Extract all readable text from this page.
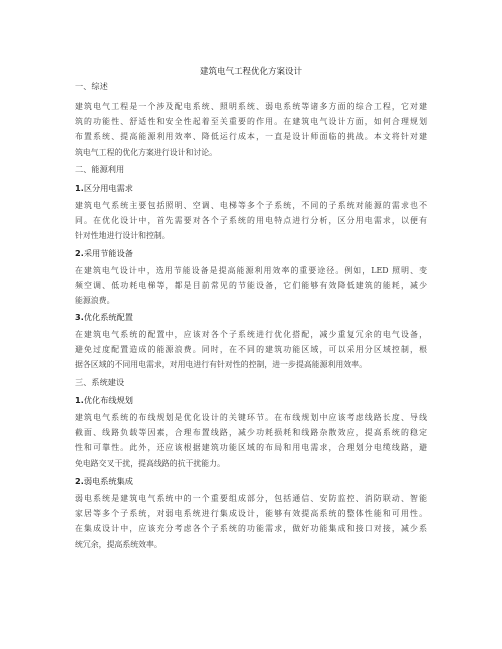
建筑电气工程优化方案设计
一、综述
建筑电气工程是一个涉及配电系统、照明系统、弱电系统等诸多方面的综合工程，它对建
筑的功能性、舒适性和安全性起着至关重要的作用。在建筑电气设计方面，如何合理规划
布置系统、提高能源利用效率、降低运行成本，一直是设计师面临的挑战。本文将针对建
筑电气工程的优化方案进行设计和讨论。
二、能源利用
1.区分用电需求
建筑电气系统主要包括照明、空调、电梯等多个子系统，不同的子系统对能源的需求也不
同。在优化设计中，首先需要对各个子系统的用电特点进行分析，区分用电需求，以便有
针对性地进行设计和控制。
2.采用节能设备
在建筑电气设计中，选用节能设备是提高能源利用效率的重要途径。例如，LED 照明、变
频空调、低功耗电梯等，都是目前常见的节能设备，它们能够有效降低建筑的能耗，减少
能源浪费。
3.优化系统配置
在建筑电气系统的配置中，应该对各个子系统进行优化搭配，减少重复冗余的电气设备，
避免过度配置造成的能源浪费。同时，在不同的建筑功能区域，可以采用分区域控制，根
据各区域的不同用电需求，对用电进行有针对性的控制，进一步提高能源利用效率。
三、系统建设
1.优化布线规划
建筑电气系统的布线规划是优化设计的关键环节。在布线规划中应该考虑线路长度、导线
截面、线路负载等因素，合理布置线路，减少功耗损耗和线路杂散效应，提高系统的稳定
性和可靠性。此外，还应该根据建筑功能区域的布局和用电需求，合理划分电缆线路，避
免电路交叉干扰，提高线路的抗干扰能力。
2.弱电系统集成
弱电系统是建筑电气系统中的一个重要组成部分，包括通信、安防监控、消防联动、智能
家居等多个子系统，对弱电系统进行集成设计，能够有效提高系统的整体性能和可用性。
在集成设计中，应该充分考虑各个子系统的功能需求，做好功能集成和接口对接，减少系
统冗余，提高系统效率。
